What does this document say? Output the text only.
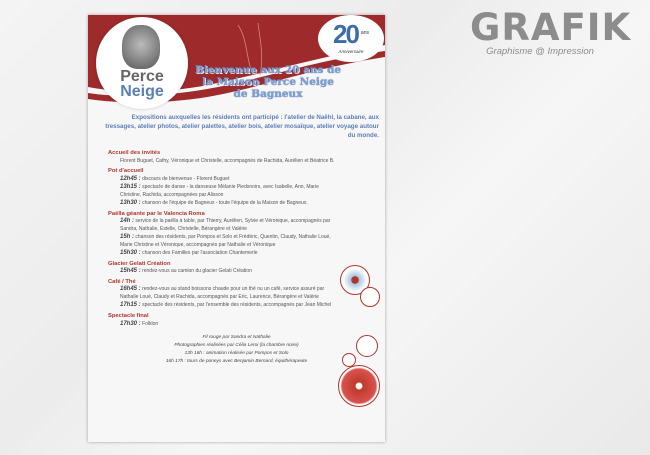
GRAFIK
Graphisme @ Impression
Perce
Neige
20 ans
Anniversaire
Bienvenue aux 20 ans de
la Maison Perce Neige
de Bagneux
Expositions auxquelles les résidents ont participé : l'atelier de Naëhl, la cabane, aux tressages, atelier photos, atelier palettes, atelier bois, atelier mosaïque, atelier voyage autour du monde.
Accueil des invités
Florent Buguet, Cathy, Véronique et Christelle, accompagnés de Rachida, Aurélien et Béatrice B.
Pot d'accueil
12h45 : discours de bienvenue - Florent Buguet
13h15 : spectacle de danse - la danseuse Mélanie Piedsnoirs, avec Isabelle, Ann, Marie Christine, Rachida, accompagnées par Alisson
13h30 : chanson de l'équipe de Bagneux - toute l'équipe de la Maison de Bagneux.
Paëlla géante par le Valencia Roma
14h : service de la paëlla à table, par Thierry, Aurélien, Sylvie et Véronique, accompagnés par Sandra, Nathalie, Estelle, Christelle, Bérangère et Valérie
15h : chanson des résidents, par Pompos et Solo et Frédéric, Quentin, Claudy, Nathalie Loué, Marie Christine et Véronique, accompagnés par Nathalie et Véronique
15h30 : chanson des Familles par l'association Chantemerle
Glacier Gelati Création
15h45 : rendez-vous au camion du glacier Gelati Création
Café / Thé
16h45 : rendez-vous au stand boissons chaude pour un thé ou un café, service assuré par Nathalie Loué, Claudy et Rachida, accompagnés par Eric, Laurence, Bérangère et Valérie
17h15 : spectacle des résidents, par l'ensemble des résidents, accompagnés par Jean Michel
Spectacle final
17h30 : Folklon
Fil rouge par Sandra et Nathalie
Photographies réalisées par Célia Leroi (la chambre noire)
13h 16h : animation réalisée par Pompos et Solo
16h 17h : tours de poneys avec Benjamin Bernard, équithérapeute
